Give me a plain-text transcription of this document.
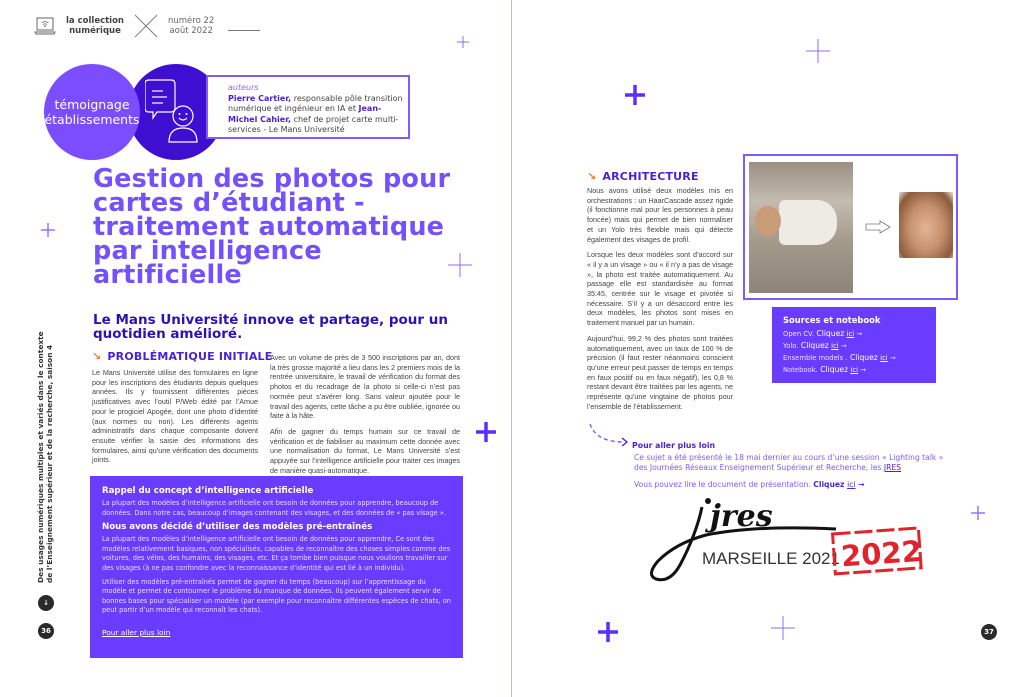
la collection
numérique
numéro 22
août 2022
témoignage
établissements
auteurs
Pierre Cartier, responsable pôle transition numérique et ingénieur en IA et Jean-Michel Cahier, chef de projet carte multi-services - Le Mans Université
Gestion des photos pour cartes d’étudiant - traitement automatique par intelligence artificielle
Le Mans Université innove et partage, pour un quotidien amélioré.
↘ PROBLÉMATIQUE INITIALE

Le Mans Université utilise des formulaires en ligne pour les inscriptions des étudiants depuis quelques années. Ils y fournissent différentes pièces justificatives avec l’outil P/Web édité par l’Amue pour le progiciel Apogée, dont une photo d’identité (aux normes ou non). Les différents agents administratifs dans chaque composante doivent ensuite vérifier la saisie des informations des formulaires, ainsi qu’une vérification des documents joints.

Avec un volume de près de 3 500 inscriptions par an, dont la très grosse majorité a lieu dans les 2 premiers mois de la rentrée universitaire, le travail de vérification du format des photos et du recadrage de la photo si celle-ci n’est pas normée peut s’avérer long. Sans valeur ajoutée pour le travail des agents, cette tâche a pu être oubliée, ignorée ou faite à la hâte.

Afin de gagner du temps humain sur ce travail de vérification et de fiabiliser au maximum cette donnée avec une normalisation du format, Le Mans Université s’est appuyée sur l’intelligence artificielle pour traiter ces images de manière quasi-automatique.

Rappel du concept d’intelligence artificielle

La plupart des modèles d’intelligence artificielle ont besoin de données pour apprendre, beaucoup de données. Dans notre cas, beaucoup d’images contenant des visages, et des données de « pas visage ».

Nous avons décidé d’utiliser des modèles pré-entraînés

La plupart des modèles d’intelligence artificielle ont besoin de données pour apprendre, Ce sont des modèles relativement basiques, non spécialisés, capables de reconnaître des choses simples comme des voitures, des vélos, des humains, des visages, etc. Et ça tombe bien puisque nous voulions travailler sur des visages (à ne pas confondre avec la reconnaissance d’identité qui est lié à un individu).

Utiliser des modèles pré-entraînés permet de gagner du temps (beaucoup) sur l’apprentissage du modèle et permet de contourner le problème du manque de données. Ils peuvent également servir de bonnes bases pour spécialiser un modèle (par exemple pour reconnaître différentes espèces de chats, on peut partir d’un modèle qui reconnaît les chats).

Pour aller plus loin
Des usages numériques multiples et variés dans le contexte de l’Enseignement supérieur et de la recherche, saison 4
↓
36	37
↘ ARCHITECTURE

Nous avons utilisé deux modèles mis en orchestrations : un HaarCascade assez rigide (il fonctionne mal pour les personnes à peau foncée) mais qui permet de bien normaliser et un Yolo très flexible mais qui détecte également des visages de profil.

Lorsque les deux modèles sont d’accord sur « il y a un visage » ou « il n’y a pas de visage », la photo est traitée automatiquement. Au passage elle est standardisée au format 35:45, centrée sur le visage et pivotée si nécessaire. S’il y a un désaccord entre les deux modèles, les photos sont mises en traitement manuel par un humain.

Aujourd’hui, 99,2 % des photos sont traitées automatiquement, avec un taux de 100 % de précision (il faut rester néanmoins conscient qu’une erreur peut passer de temps en temps en faux positif ou en faux négatif), les 0,8 % restant devant être traitées par les agents, ne représente qu’une vingtaine de photos pour l’ensemble de l’établissement.

Sources et notebook
Open CV. Cliquez ici →
Yolo. Cliquez ici →
Ensemble models . Cliquez ici →
Notebook. Cliquez ici →
Pour aller plus loin

Ce sujet a été présenté le 18 mai dernier au cours d’une session « Lighting talk » des Journées Réseaux Enseignement Supérieur et Recherche, les JRES

Vous pouvez lire le document de présentation. Cliquez ici →

jres
MARSEILLE 2021 2022
